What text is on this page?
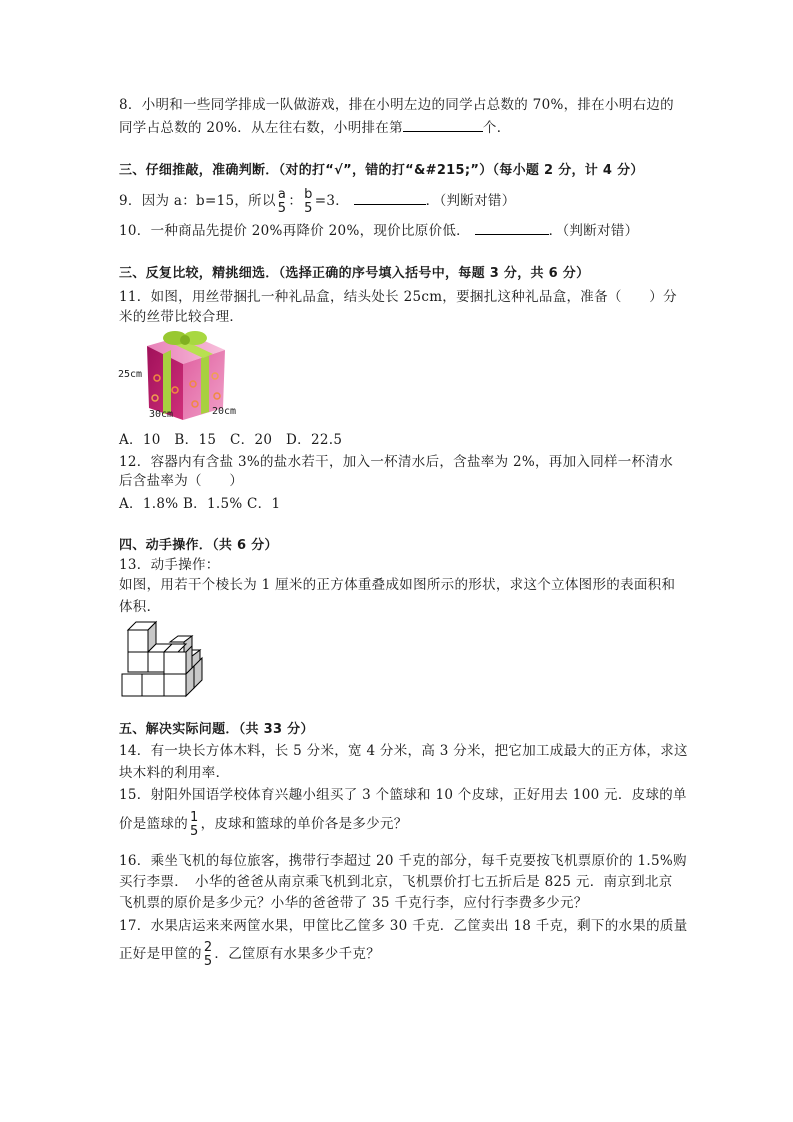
8．小明和一些同学排成一队做游戏，排在小明左边的同学占总数的 70%，排在小明右边的
同学占总数的 20%．从左往右数，小明排在第	个．
三、仔细推敲，准确判断．（对的打“√”，错的打“&#215;”）（每小题 2 分，计 4 分）
9．因为 a：b=15，所以 a
5 ： b
5 =3．	．（判断对错）
10．一种商品先提价 20%再降价 20%，现价比原价低．	．（判断对错）
三、反复比较，精挑细选．（选择正确的序号填入括号中，每题 3 分，共 6 分）
11．如图，用丝带捆扎一种礼品盒，结头处长 25cm，要捆扎这种礼品盒，准备（　　）分
米的丝带比较合理．
25cm
30cm	20cm
A．10　B．15　C．20　D．22.5
12．容器内有含盐 3%的盐水若干，加入一杯清水后，含盐率为 2%，再加入同样一杯清水
后含盐率为（　　）
A．1.8% B．1.5% C．1
四、动手操作．（共 6 分）
13．动手操作：
如图，用若干个棱长为 1 厘米的正方体重叠成如图所示的形状，求这个立体图形的表面积和
体积．
五、解决实际问题．（共 33 分）
14．有一块长方体木料，长 5 分米，宽 4 分米，高 3 分米，把它加工成最大的正方体，求这
块木料的利用率．
15．射阳外国语学校体育兴趣小组买了 3 个篮球和 10 个皮球，正好用去 100 元．皮球的单
价是篮球的 1
5 ，皮球和篮球的单价各是多少元？
16．乘坐飞机的每位旅客，携带行李超过 20 千克的部分，每千克要按飞机票原价的 1.5%购
买行李票．　小华的爸爸从南京乘飞机到北京，飞机票价打七五折后是 825 元．南京到北京
飞机票的原价是多少元？小华的爸爸带了 35 千克行李，应付行李费多少元？
17．水果店运来来两筐水果，甲筐比乙筐多 30 千克．乙筐卖出 18 千克，剩下的水果的质量
正好是甲筐的 2
5 ．乙筐原有水果多少千克？
